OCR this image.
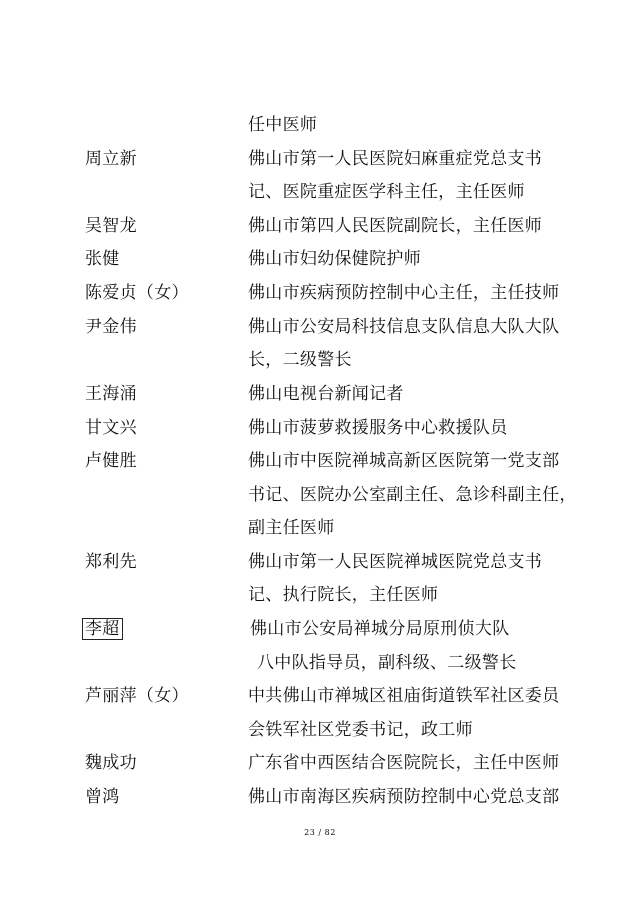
任中医师
周立新	佛山市第一人民医院妇麻重症党总支书
记、医院重症医学科主任，主任医师
吴智龙	佛山市第四人民医院副院长，主任医师
张健	佛山市妇幼保健院护师
陈爱贞（女）	佛山市疾病预防控制中心主任，主任技师
尹金伟	佛山市公安局科技信息支队信息大队大队
长，二级警长
王海涌	佛山电视台新闻记者
甘文兴	佛山市菠萝救援服务中心救援队员
卢健胜	佛山市中医院禅城高新区医院第一党支部
书记、医院办公室副主任、急诊科副主任，
副主任医师
郑利先	佛山市第一人民医院禅城医院党总支书
记、执行院长，主任医师
李超	佛山市公安局禅城分局原刑侦大队
八中队指导员，副科级、二级警长
芦丽萍（女）	中共佛山市禅城区祖庙街道铁军社区委员
会铁军社区党委书记，政工师
魏成功	广东省中西医结合医院院长，主任中医师
曾鸿	佛山市南海区疾病预防控制中心党总支部
23 / 82
